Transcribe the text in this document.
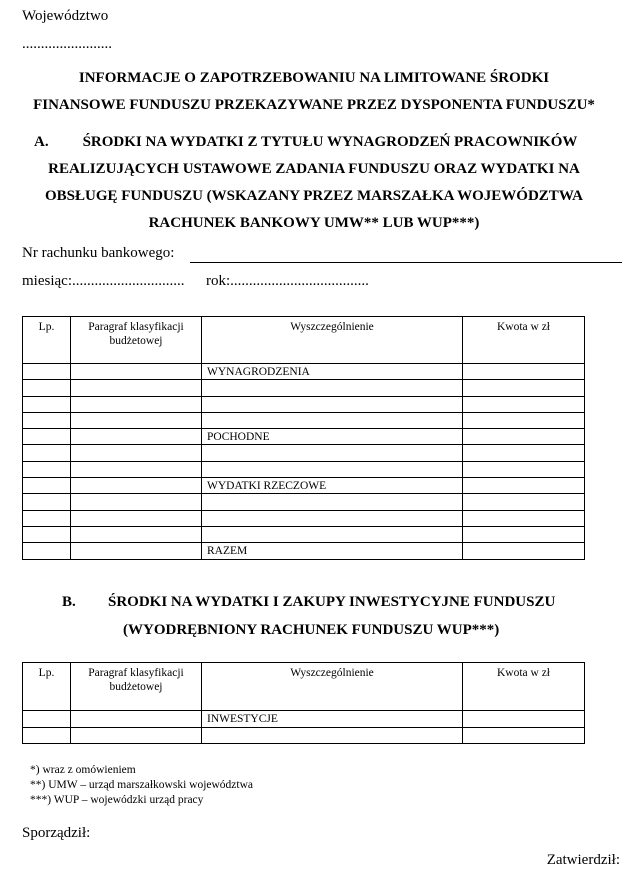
Województwo
........................
INFORMACJE O ZAPOTRZEBOWANIU NA LIMITOWANE ŚRODKI
FINANSOWE FUNDUSZU PRZEKAZYWANE PRZEZ DYSPONENTA FUNDUSZU*
A.	ŚRODKI NA WYDATKI Z TYTUŁU WYNAGRODZEŃ PRACOWNIKÓW
REALIZUJĄCYCH USTAWOWE ZADANIA FUNDUSZU ORAZ WYDATKI NA
OBSŁUGĘ FUNDUSZU (WSKAZANY PRZEZ MARSZAŁKA WOJEWÓDZTWA
RACHUNEK BANKOWY UMW** LUB WUP***)
Nr rachunku bankowego:
miesiąc:.............................. rok:.....................................
Lp.	Paragraf klasyfikacji
budżetowej	Wyszczególnienie	Kwota w zł
		WYNAGRODZENIA	

		POCHODNE	

		WYDATKI RZECZOWE	

		RAZEM	
B. ŚRODKI NA WYDATKI I ZAKUPY INWESTYCYJNE FUNDUSZU
(WYODRĘBNIONY RACHUNEK FUNDUSZU WUP***)
Lp.	Paragraf klasyfikacji
budżetowej	Wyszczególnienie	Kwota w zł
		INWESTYCJE	

*) wraz z omówieniem
**) UMW – urząd marszałkowski województwa
***) WUP – wojewódzki urząd pracy
Sporządził:
Zatwierdził:
